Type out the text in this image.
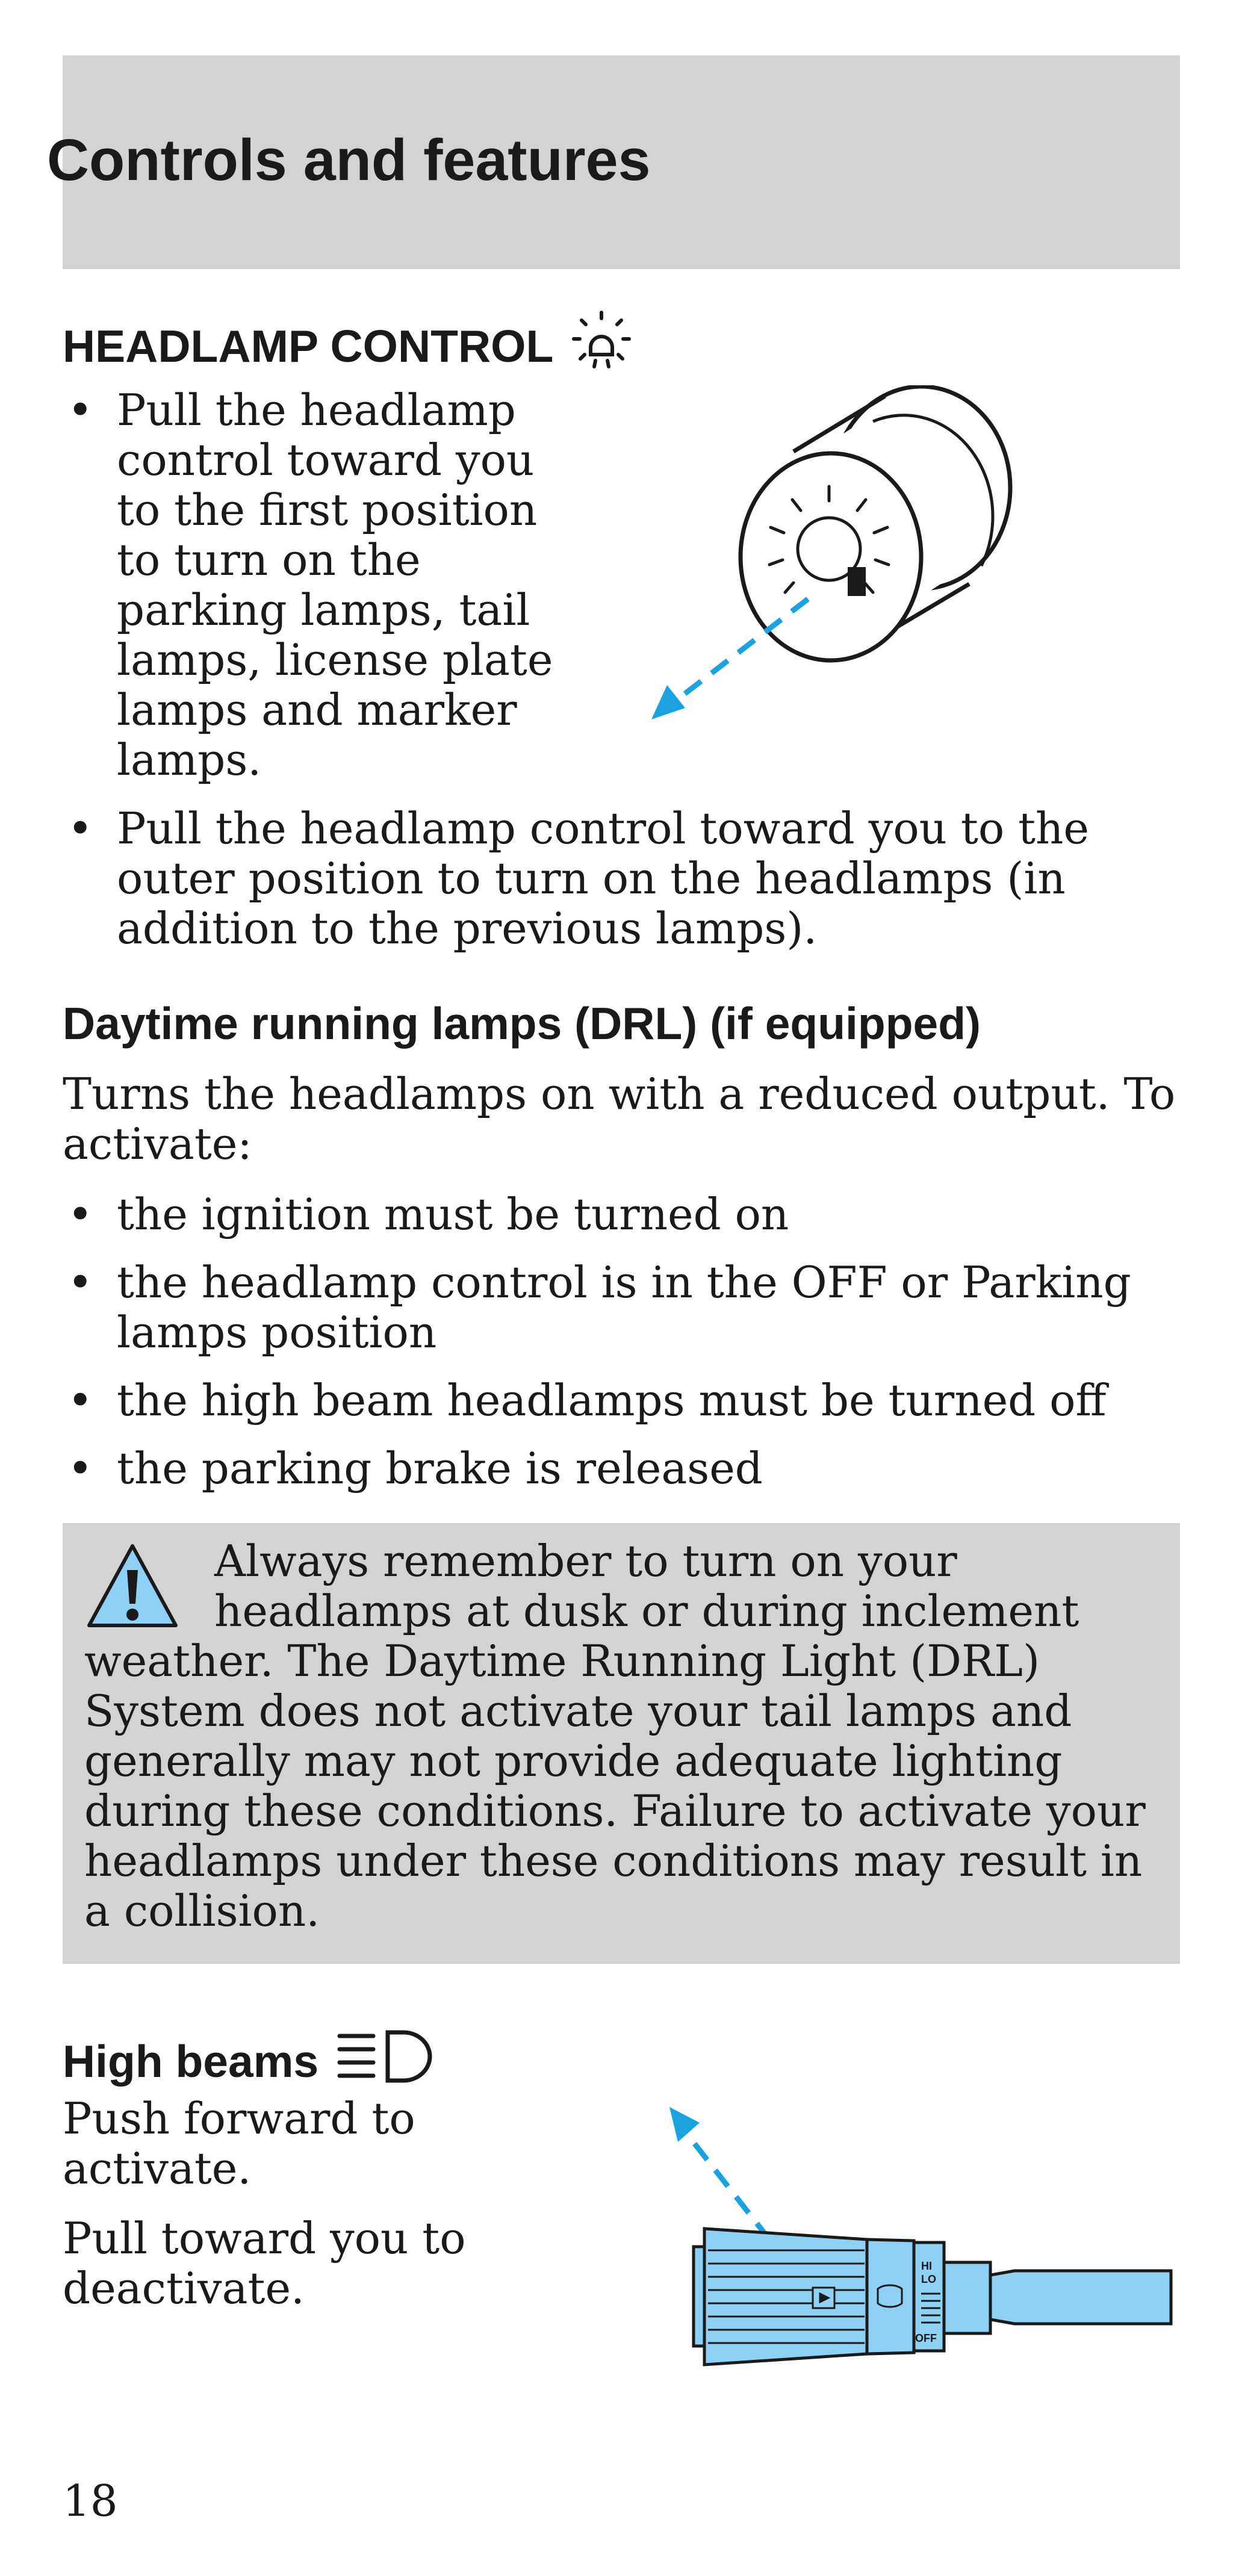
Controls and features
HEADLAMP CONTROL
• Pull the headlamp
control toward you
to the first position
to turn on the
parking lamps, tail
lamps, license plate
lamps and marker
lamps.
• Pull the headlamp control toward you to the outer position to turn on the headlamps (in addition to the previous lamps).
Daytime running lamps (DRL) (if equipped)
Turns the headlamps on with a reduced output. To activate:
• the ignition must be turned on
• the headlamp control is in the OFF or Parking lamps position
• the high beam headlamps must be turned off
• the parking brake is released

Always remember to turn on your headlamps at dusk or during inclement weather. The Daytime Running Light (DRL) System does not activate your tail lamps and generally may not provide adequate lighting during these conditions. Failure to activate your headlamps under these conditions may result in a collision.

High beams
Push forward to
activate.
Pull toward you to
deactivate.	HI
LO
OFF

18
